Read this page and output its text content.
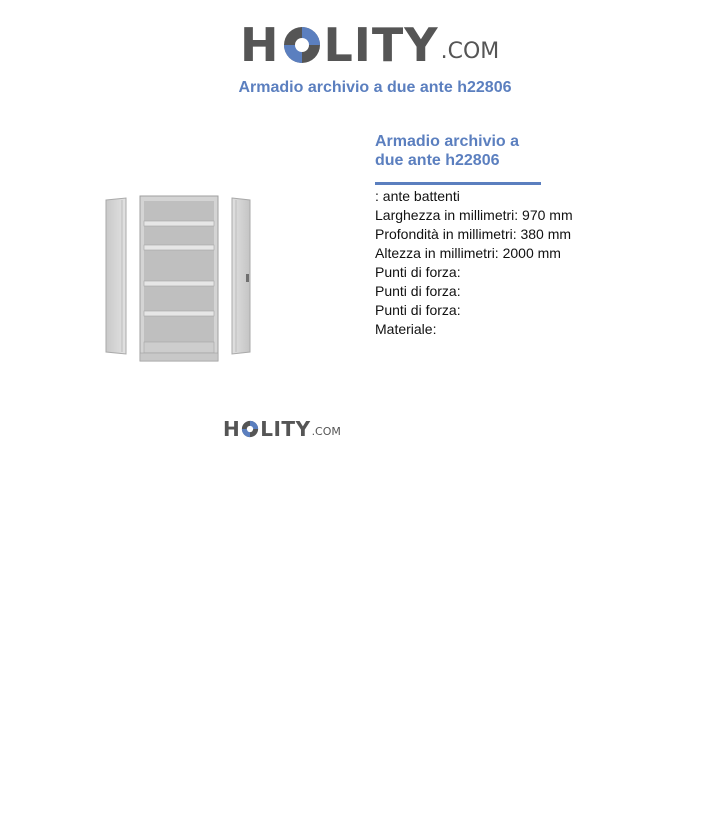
H LITY .COM
Armadio archivio a due ante h22806
H LITY .COM
Armadio archivio a due ante h22806
: ante battenti
Larghezza in millimetri: 970 mm
Profondità in millimetri: 380 mm
Altezza in millimetri: 2000 mm
Punti di forza:
Punti di forza:
Punti di forza:
Materiale:
